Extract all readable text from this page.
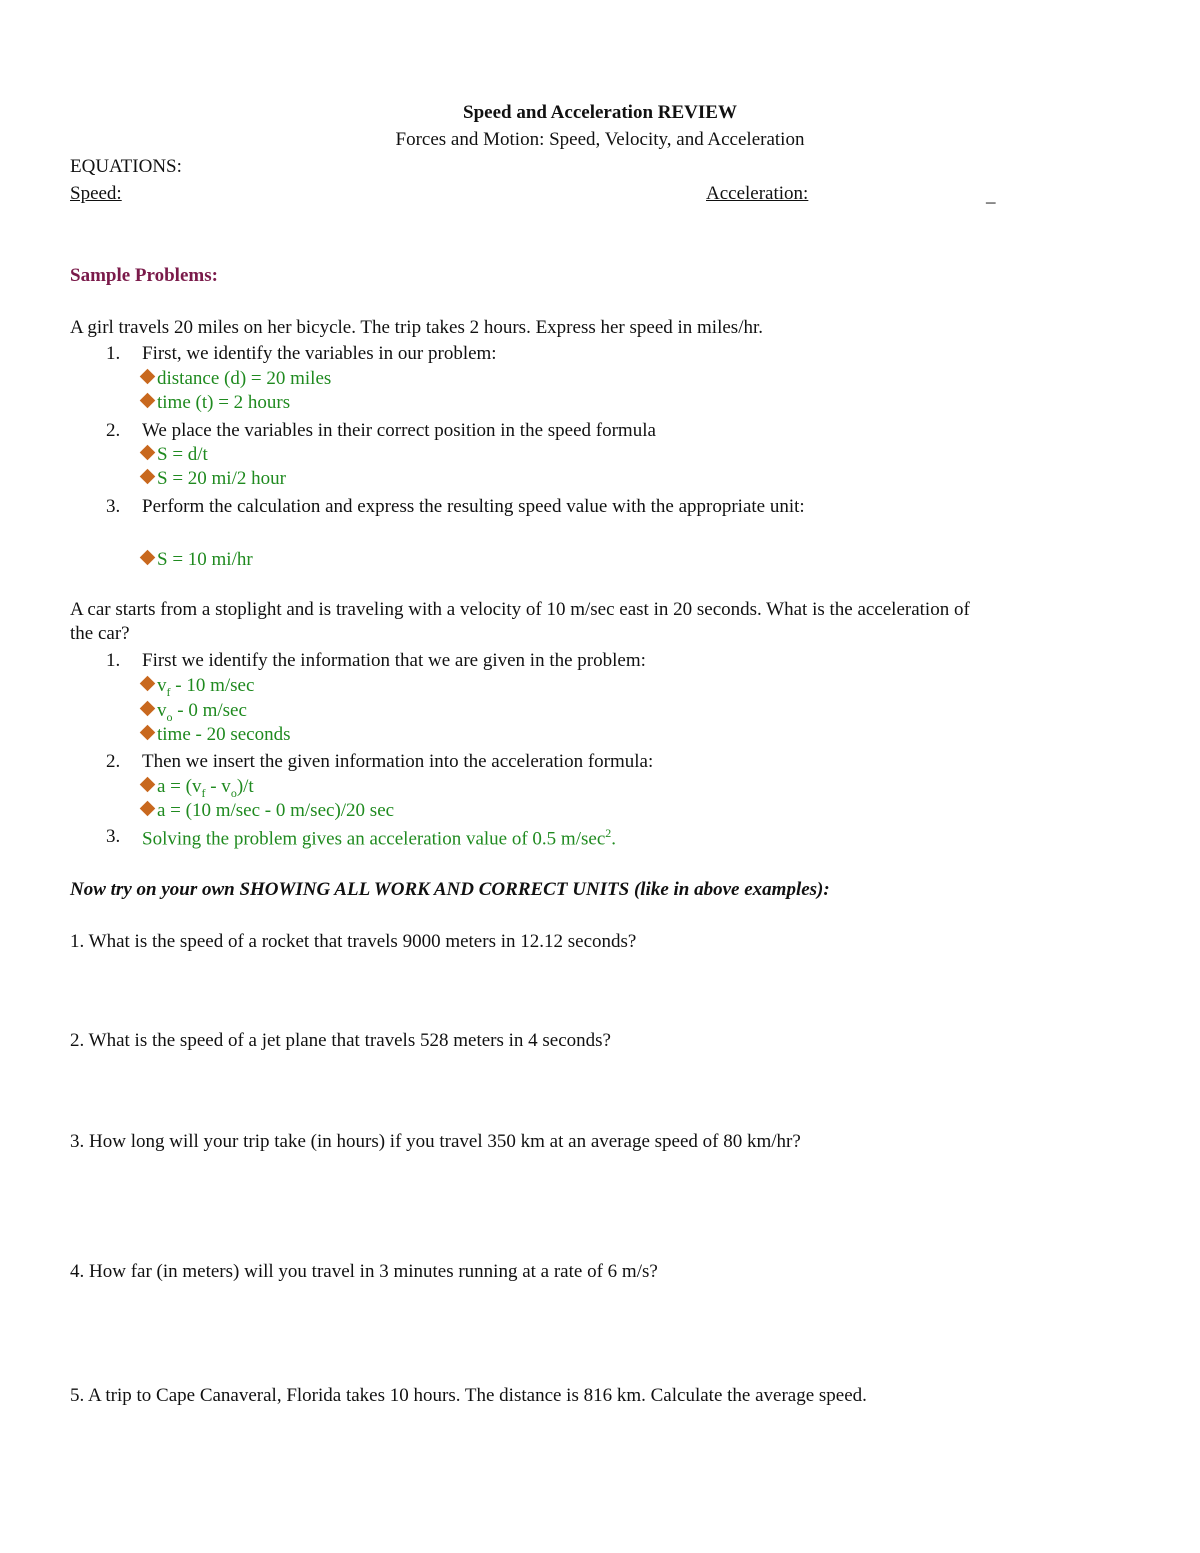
Speed and Acceleration REVIEW
Forces and Motion: Speed, Velocity, and Acceleration
EQUATIONS:
Speed:	Acceleration:	_
Sample Problems:
A girl travels 20 miles on her bicycle. The trip takes 2 hours. Express her speed in miles/hr.
1. First, we identify the variables in our problem:
distance (d) = 20 miles
time (t) = 2 hours
2. We place the variables in their correct position in the speed formula
S = d/t
S = 20 mi/2 hour
3. Perform the calculation and express the resulting speed value with the appropriate unit:
S = 10 mi/hr
A car starts from a stoplight and is traveling with a velocity of 10 m/sec east in 20 seconds. What is the acceleration of
the car?
1. First we identify the information that we are given in the problem:
$v_f - 10$ m/sec
$v_o - 0$ m/sec
time - 20 seconds
2. Then we insert the given information into the acceleration formula:
$a = (v_f - v_o)/t$
a = (10 m/sec - 0 m/sec)/20 sec
3. Solving the problem gives an acceleration value of 0.5 $m/\sec^2$.
Now try on your own SHOWING ALL WORK AND CORRECT UNITS (like in above examples):
1. What is the speed of a rocket that travels 9000 meters in 12.12 seconds?
2. What is the speed of a jet plane that travels 528 meters in 4 seconds?
3. How long will your trip take (in hours) if you travel 350 km at an average speed of 80 km/hr?
4. How far (in meters) will you travel in 3 minutes running at a rate of 6 m/s?
5. A trip to Cape Canaveral, Florida takes 10 hours. The distance is 816 km. Calculate the average speed.
